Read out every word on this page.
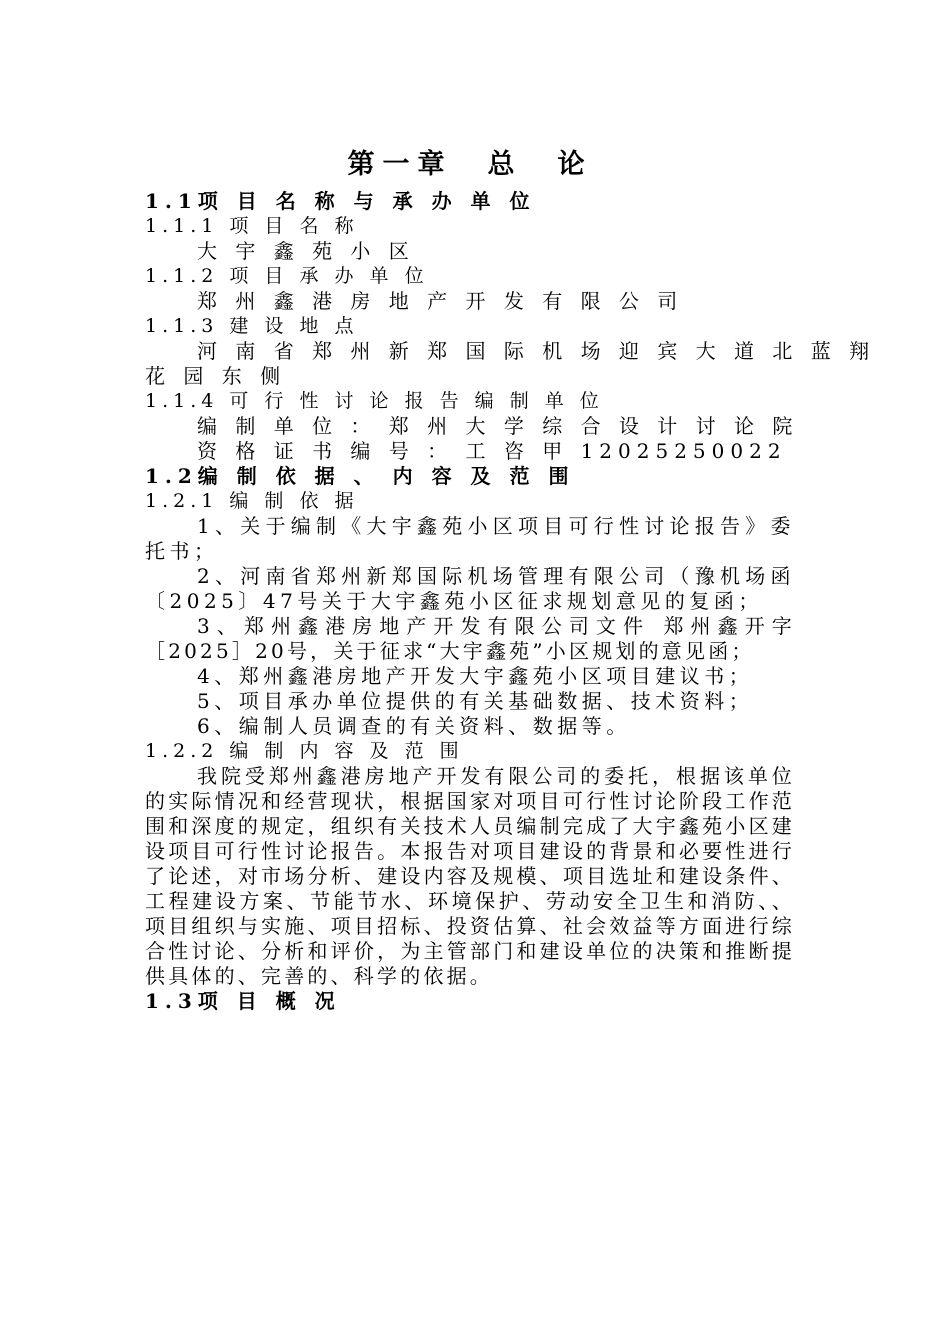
第一章　总　论
1.1项 目 名 称 与 承 办 单 位
1.1.1 项 目 名 称
大 宇 鑫 苑 小 区
1.1.2 项 目 承 办 单 位
郑 州 鑫 港 房 地 产 开 发 有 限 公 司
1.1.3 建 设 地 点
河 南 省 郑 州 新 郑 国 际 机 场 迎 宾 大 道 北 蓝 翔
花 园 东 侧
1.1.4 可 行 性 讨 论 报 告 编 制 单 位
编 制 单 位 ： 郑 州 大 学 综 合 设 计 讨 论 院
资 格 证 书 编 号 ： 工 咨 甲 12025250022
1.2编 制 依 据 、 内 容 及 范 围
1.2.1 编 制 依 据
1、关于编制《大宇鑫苑小区项目可行性讨论报告》委托书；
2、河南省郑州新郑国际机场管理有限公司（豫机场函〔2025〕47号关于大宇鑫苑小区征求规划意见的复函；
3、郑州鑫港房地产开发有限公司文件 郑州鑫开字［2025］20号，关于征求“大宇鑫苑”小区规划的意见函；
4、郑州鑫港房地产开发大宇鑫苑小区项目建议书；
5、项目承办单位提供的有关基础数据、技术资料；
6、编制人员调查的有关资料、数据等。
1.2.2 编 制 内 容 及 范 围
我院受郑州鑫港房地产开发有限公司的委托，根据该单位的实际情况和经营现状，根据国家对项目可行性讨论阶段工作范围和深度的规定，组织有关技术人员编制完成了大宇鑫苑小区建设项目可行性讨论报告。本报告对项目建设的背景和必要性进行了论述，对市场分析、建设内容及规模、项目选址和建设条件、工程建设方案、节能节水、环境保护、劳动安全卫生和消防、、项目组织与实施、项目招标、投资估算、社会效益等方面进行综合性讨论、分析和评价，为主管部门和建设单位的决策和推断提供具体的、完善的、科学的依据。
1.3项 目 概 况
